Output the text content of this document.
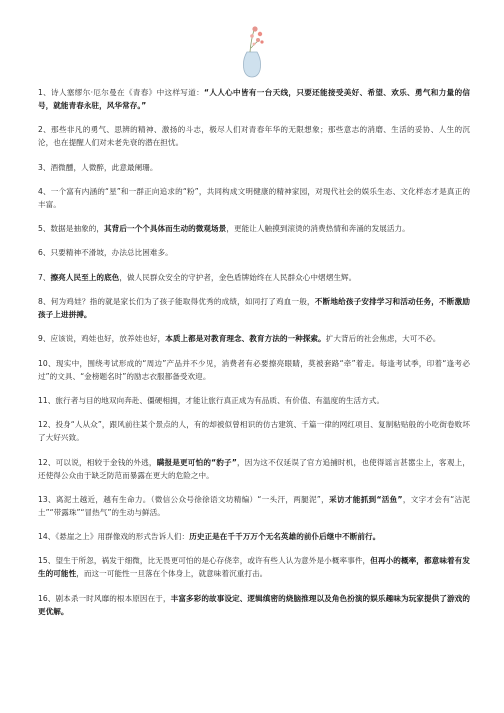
1、诗人塞缪尔·厄尔曼在《青春》中这样写道：“人人心中皆有一台天线，只要还能接受美好、希望、欢乐、勇气和力量的信号，就能青春永驻，风华常存。”

2、那些非凡的勇气、思辨的精神、激扬的斗志，极尽人们对青春年华的无限想象；那些意志的消磨、生活的妥协、人生的沉沦，也在提醒人们对未老先衰的潜在担忧。

3、酒微醺，人微醉，此意最阑珊。

4、一个富有内涵的“星”和一群正向追求的“粉”，共同构成文明健康的精神家园，对现代社会的娱乐生态、文化样态才是真正的丰富。

5、数据是抽象的，其背后一个个具体而生动的微观场景，更能让人触摸到滚烫的消费热情和奔涌的发展活力。

6、只要精神不滑坡，办法总比困难多。

7、擦亮人民至上的底色，做人民群众安全的守护者，金色盾牌始终在人民群众心中熠熠生辉。

8、何为鸡娃？指的就是家长们为了孩子能取得优秀的成绩，如同打了鸡血一般，不断地给孩子安排学习和活动任务，不断激励孩子上进拼搏。

9、应该说，鸡娃也好，放养娃也好，本质上都是对教育理念、教育方法的一种探索。扩大背后的社会焦虑，大可不必。

10、现实中，围绕考试形成的“周边”产品并不少见，消费者有必要擦亮眼睛，莫被套路“牵”着走。每逢考试季，印着“逢考必过”的文具、“金榜题名时”的励志衣服都备受欢迎。

11、旅行者与目的地双向奔赴、僵硬相拥，才能让旅行真正成为有品质、有价值、有温度的生活方式。

12、投身“人从众”，跟风前往某个景点的人，有的却被似曾相识的仿古建筑、千篇一律的网红项目、复制粘贴般的小吃街卷败坏了大好兴致。

12、可以说，相较于金钱的外逃，瞒报是更可怕的“豹子”，因为这不仅延误了官方追捕时机，也使得谣言甚嚣尘上，客观上，还使得公众由于缺乏防范而暴露在更大的危险之中。

13、离泥土越近，越有生命力。（微信公众号徐徐语文坊精编）“一头汗，两腿泥”，采访才能抓到“活鱼”，文字才会有“沾泥土”“带露珠”“冒热气”的生动与鲜活。

14、《悬崖之上》用群像戏的形式告诉人们：历史正是在千千万万个无名英雄的前仆后继中不断前行。

15、望生于所忽，祸发于细微，比无畏更可怕的是心存侥幸，或许有些人认为意外是小概率事件，但再小的概率，都意味着有发生的可能性，而这一可能性一旦落在个体身上，就意味着沉重打击。

16、剧本杀一时风靡的根本原因在于，丰富多彩的故事设定、逻辑缜密的烧脑推理以及角色扮演的娱乐趣味为玩家提供了游戏的更优解。
